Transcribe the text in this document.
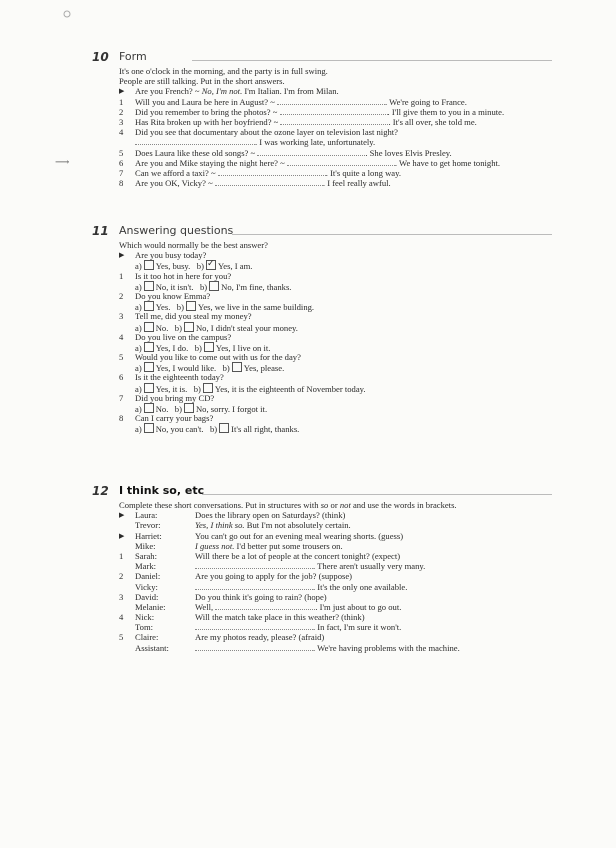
⟶
10 Form
It's one o'clock in the morning, and the party is in full swing.
People are still talking. Put in the short answers.
▶	Are you French? ~ No, I'm not. I'm Italian. I'm from Milan.
1	Will you and Laura be here in August? ~	. We're going to France.
2	Did you remember to bring the photos? ~	. I'll give them to you in a minute.
3	Has Rita broken up with her boyfriend? ~	. It's all over, she told me.
4	Did you see that documentary about the ozone layer on television last night?
. I was working late, unfortunately.
5	Does Laura like these old songs? ~	. She loves Elvis Presley.
6	Are you and Mike staying the night here? ~	. We have to get home tonight.
7	Can we afford a taxi? ~	. It's quite a long way.
8	Are you OK, Vicky? ~	. I feel really awful.
11 Answering questions
Which would normally be the best answer?
▶	Are you busy today?
a) Yes, busy. b)✓ Yes, I am.
1	Is it too hot in here for you?
a) No, it isn't. b) No, I'm fine, thanks.
2	Do you know Emma?
a) Yes. b) Yes, we live in the same building.
3	Tell me, did you steal my money?
a) No. b) No, I didn't steal your money.
4	Do you live on the campus?
a) Yes, I do. b) Yes, I live on it.
5	Would you like to come out with us for the day?
a) Yes, I would like. b) Yes, please.
6	Is it the eighteenth today?
a) Yes, it is. b) Yes, it is the eighteenth of November today.
7	Did you bring my CD?
a) No. b) No, sorry. I forgot it.
8	Can I carry your bags?
a) No, you can't. b) It's all right, thanks.
12 I think so, etc
Complete these short conversations. Put in structures with so or not and use the words in brackets.
▶	Laura:	Does the library open on Saturdays? (think)
Trevor:	Yes, I think so. But I'm not absolutely certain.
▶	Harriet:	You can't go out for an evening meal wearing shorts. (guess)
Mike:	I guess not. I'd better put some trousers on.
1	Sarah:	Will there be a lot of people at the concert tonight? (expect)
Mark:	. There aren't usually very many.
2	Daniel:	Are you going to apply for the job? (suppose)
Vicky:	. It's the only one available.
3	David:	Do you think it's going to rain? (hope)
Melanie:	Well,	. I'm just about to go out.
4	Nick:	Will the match take place in this weather? (think)
Tom:	. In fact, I'm sure it won't.
5	Claire:	Are my photos ready, please? (afraid)
Assistant:	. We're having problems with the machine.
